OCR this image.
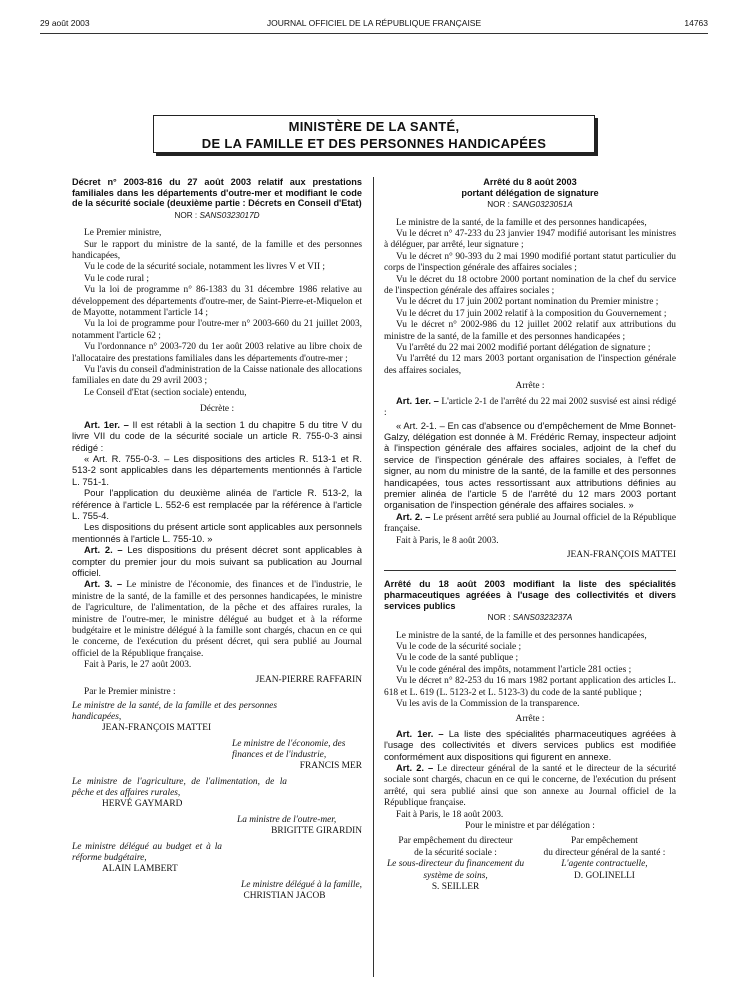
29 août 2003	JOURNAL OFFICIEL DE LA RÉPUBLIQUE FRANÇAISE	14763
MINISTÈRE DE LA SANTÉ,
DE LA FAMILLE ET DES PERSONNES HANDICAPÉES
Décret n° 2003-816 du 27 août 2003 relatif aux prestations familiales dans les départements d'outre-mer et modifiant le code de la sécurité sociale (deuxième partie : Décrets en Conseil d'Etat)
NOR : SANS0323017D

Le Premier ministre,

Sur le rapport du ministre de la santé, de la famille et des personnes handicapées,

Vu le code de la sécurité sociale, notamment les livres V et VII ;

Vu le code rural ;

Vu la loi de programme n° 86-1383 du 31 décembre 1986 relative au développement des départements d'outre-mer, de Saint-Pierre-et-Miquelon et de Mayotte, notamment l'article 14 ;

Vu la loi de programme pour l'outre-mer n° 2003-660 du 21 juillet 2003, notamment l'article 62 ;

Vu l'ordonnance n° 2003-720 du 1er août 2003 relative au libre choix de l'allocataire des prestations familiales dans les départements d'outre-mer ;

Vu l'avis du conseil d'administration de la Caisse nationale des allocations familiales en date du 29 avril 2003 ;

Le Conseil d'Etat (section sociale) entendu,

Décrète :

Art. 1er. – Il est rétabli à la section 1 du chapitre 5 du titre V du livre VII du code de la sécurité sociale un article R. 755-0-3 ainsi rédigé :

« Art. R. 755-0-3. – Les dispositions des articles R. 513-1 et R. 513-2 sont applicables dans les départements mentionnés à l'article L. 751-1.

Pour l'application du deuxième alinéa de l'article R. 513-2, la référence à l'article L. 552-6 est remplacée par la référence à l'article L. 755-4.

Les dispositions du présent article sont applicables aux personnels mentionnés à l'article L. 755-10. »

Art. 2. – Les dispositions du présent décret sont applicables à compter du premier jour du mois suivant sa publication au Journal officiel.

Art. 3. – Le ministre de l'économie, des finances et de l'industrie, le ministre de la santé, de la famille et des personnes handicapées, le ministre de l'agriculture, de l'alimentation, de la pêche et des affaires rurales, la ministre de l'outre-mer, le ministre délégué au budget et à la réforme budgétaire et le ministre délégué à la famille sont chargés, chacun en ce qui le concerne, de l'exécution du présent décret, qui sera publié au Journal officiel de la République française.

Fait à Paris, le 27 août 2003.

JEAN-PIERRE RAFFARIN

Par le Premier ministre :

Le ministre de la santé, de la famille et des personnes handicapées,
JEAN-FRANÇOIS MATTEI
Le ministre de l'économie, des finances et de l'industrie,
FRANCIS MER
Le ministre de l'agriculture, de l'alimentation, de la pêche et des affaires rurales,
HERVÉ GAYMARD
La ministre de l'outre-mer,
BRIGITTE GIRARDIN
Le ministre délégué au budget et à la réforme budgétaire,
ALAIN LAMBERT
Le ministre délégué à la famille,
CHRISTIAN JACOB
Arrêté du 8 août 2003
portant délégation de signature
NOR : SANG0323051A

Le ministre de la santé, de la famille et des personnes handicapées,

Vu le décret n° 47-233 du 23 janvier 1947 modifié autorisant les ministres à déléguer, par arrêté, leur signature ;

Vu le décret n° 90-393 du 2 mai 1990 modifié portant statut particulier du corps de l'inspection générale des affaires sociales ;

Vu le décret du 18 octobre 2000 portant nomination de la chef du service de l'inspection générale des affaires sociales ;

Vu le décret du 17 juin 2002 portant nomination du Premier ministre ;

Vu le décret du 17 juin 2002 relatif à la composition du Gouvernement ;

Vu le décret n° 2002-986 du 12 juillet 2002 relatif aux attributions du ministre de la santé, de la famille et des personnes handicapées ;

Vu l'arrêté du 22 mai 2002 modifié portant délégation de signature ;

Vu l'arrêté du 12 mars 2003 portant organisation de l'inspection générale des affaires sociales,

Arrête :

Art. 1er. – L'article 2-1 de l'arrêté du 22 mai 2002 susvisé est ainsi rédigé :

« Art. 2-1. – En cas d'absence ou d'empêchement de Mme Bonnet-Galzy, délégation est donnée à M. Frédéric Remay, inspecteur adjoint à l'inspection générale des affaires sociales, adjoint de la chef du service de l'inspection générale des affaires sociales, à l'effet de signer, au nom du ministre de la santé, de la famille et des personnes handicapées, tous actes ressortissant aux attributions définies au premier alinéa de l'article 5 de l'arrêté du 12 mars 2003 portant organisation de l'inspection générale des affaires sociales. »

Art. 2. – Le présent arrêté sera publié au Journal officiel de la République française.

Fait à Paris, le 8 août 2003.

JEAN-FRANÇOIS MATTEI
Arrêté du 18 août 2003 modifiant la liste des spécialités pharmaceutiques agréées à l'usage des collectivités et divers services publics
NOR : SANS0323237A

Le ministre de la santé, de la famille et des personnes handicapées,

Vu le code de la sécurité sociale ;

Vu le code de la santé publique ;

Vu le code général des impôts, notamment l'article 281 octies ;

Vu le décret n° 82-253 du 16 mars 1982 portant application des articles L. 618 et L. 619 (L. 5123-2 et L. 5123-3) du code de la santé publique ;

Vu les avis de la Commission de la transparence.

Arrête :

Art. 1er. – La liste des spécialités pharmaceutiques agréées à l'usage des collectivités et divers services publics est modifiée conformément aux dispositions qui figurent en annexe.

Art. 2. – Le directeur général de la santé et le directeur de la sécurité sociale sont chargés, chacun en ce qui le concerne, de l'exécution du présent arrêté, qui sera publié ainsi que son annexe au Journal officiel de la République française.

Fait à Paris, le 18 août 2003.

Pour le ministre et par délégation :

Par empêchement du directeur
de la sécurité sociale :
Le sous-directeur du financement du système de soins,
S. SEILLER
Par empêchement
du directeur général de la santé :
L'agente contractuelle,
D. GOLINELLI
